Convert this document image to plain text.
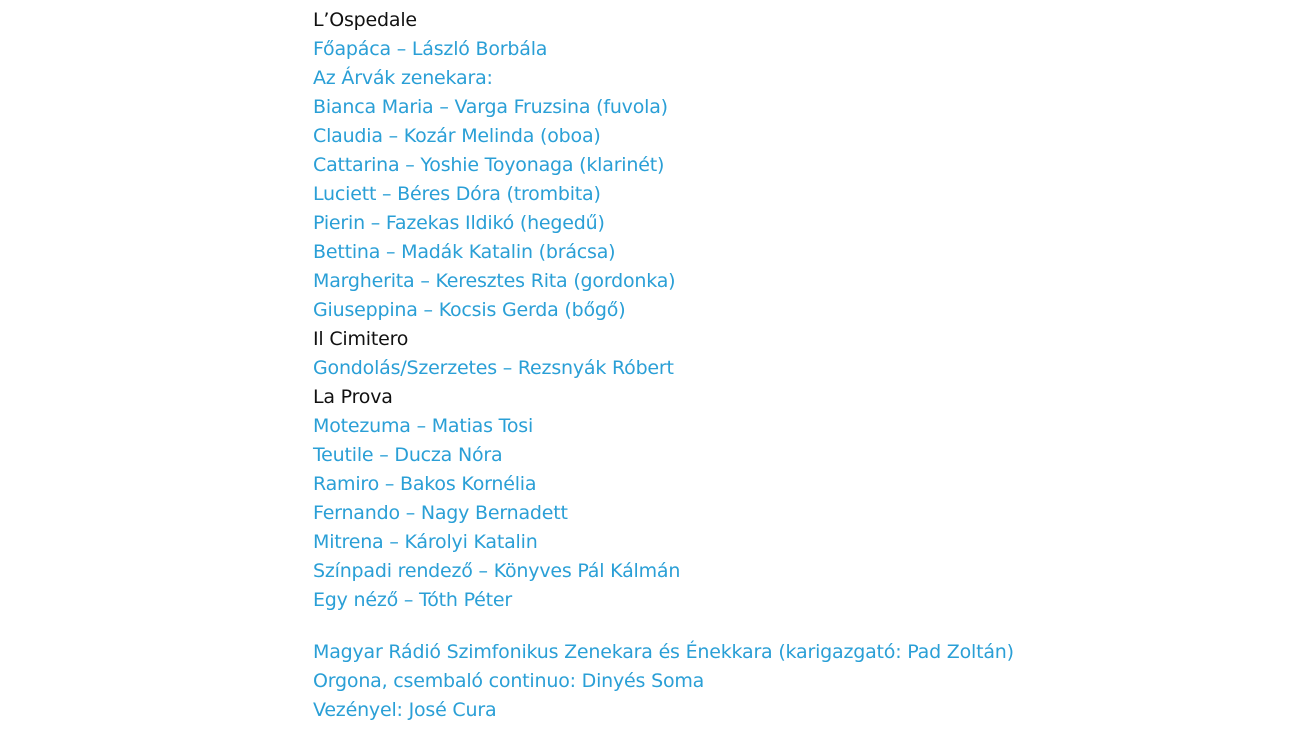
L’Ospedale
Főapáca – László Borbála
Az Árvák zenekara:
Bianca Maria – Varga Fruzsina (fuvola)
Claudia – Kozár Melinda (oboa)
Cattarina – Yoshie Toyonaga (klarinét)
Luciett – Béres Dóra (trombita)
Pierin – Fazekas Ildikó (hegedű)
Bettina – Madák Katalin (brácsa)
Margherita – Keresztes Rita (gordonka)
Giuseppina – Kocsis Gerda (bőgő)
Il Cimitero
Gondolás/Szerzetes – Rezsnyák Róbert
La Prova
Motezuma – Matias Tosi
Teutile – Ducza Nóra
Ramiro – Bakos Kornélia
Fernando – Nagy Bernadett
Mitrena – Károlyi Katalin
Színpadi rendező – Könyves Pál Kálmán
Egy néző – Tóth Péter
Magyar Rádió Szimfonikus Zenekara és Énekkara (karigazgató: Pad Zoltán)
Orgona, csembaló continuo: Dinyés Soma
Vezényel: José Cura
